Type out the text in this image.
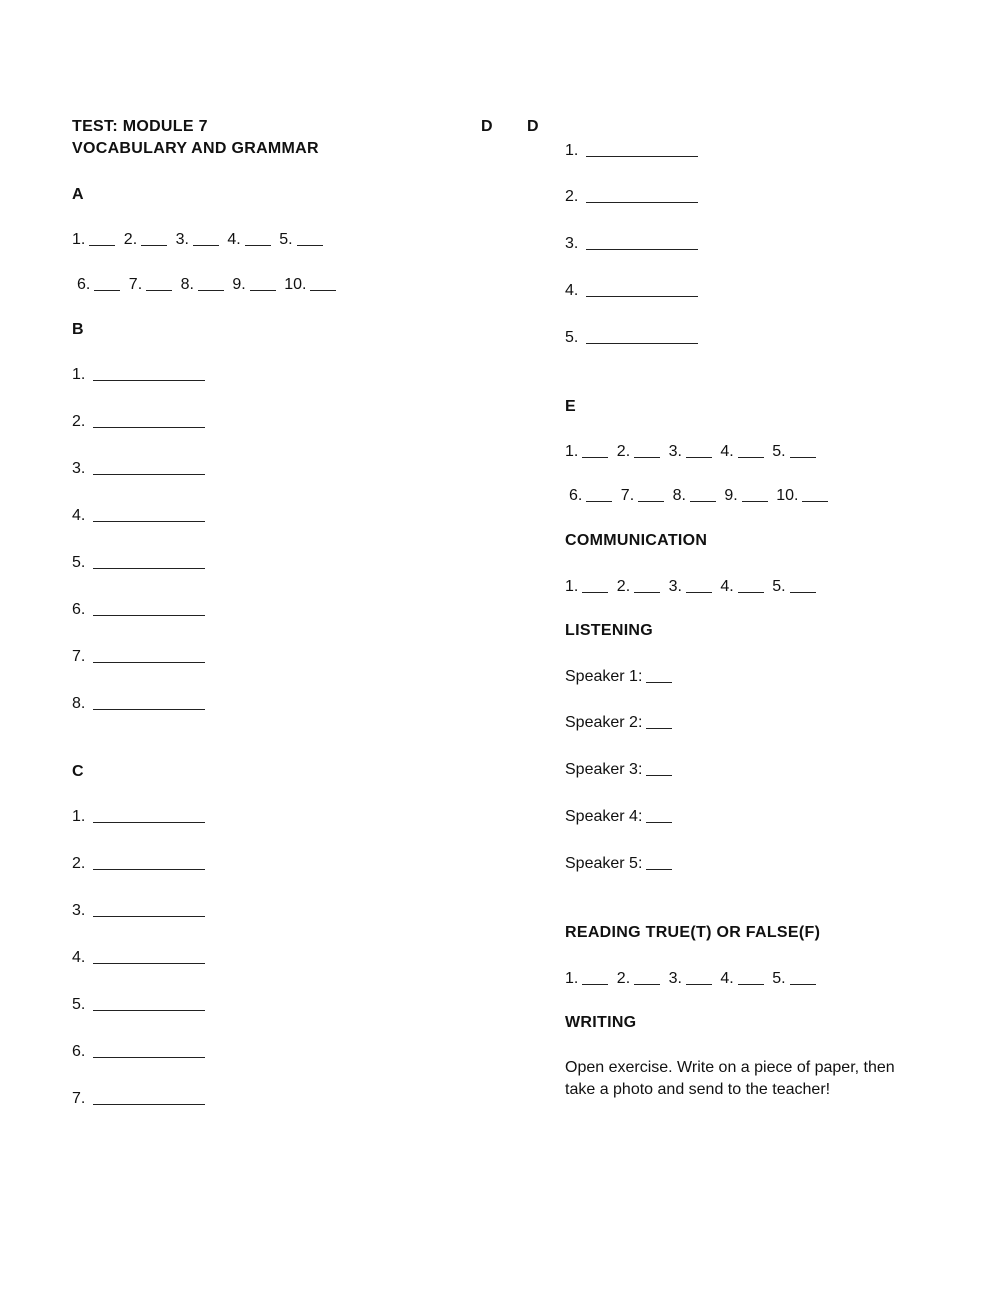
TEST: MODULE 7
VOCABULARY AND GRAMMAR
D D
A
1. 2. 3. 4. 5.
6. 7. 8. 9. 10.
B
1.
2.
3.
4.
5.
6.
7.
8.
C
1.
2.
3.
4.
5.
6.
7.
1.
2.
3.
4.
5.
E
1. 2. 3. 4. 5.
6. 7. 8. 9. 10.
COMMUNICATION
1. 2. 3. 4. 5.
LISTENING
Speaker 1:
Speaker 2:
Speaker 3:
Speaker 4:
Speaker 5:
READING TRUE(T) OR FALSE(F)
1. 2. 3. 4. 5.
WRITING
Open exercise. Write on a piece of paper, then take a photo and send to the teacher!
